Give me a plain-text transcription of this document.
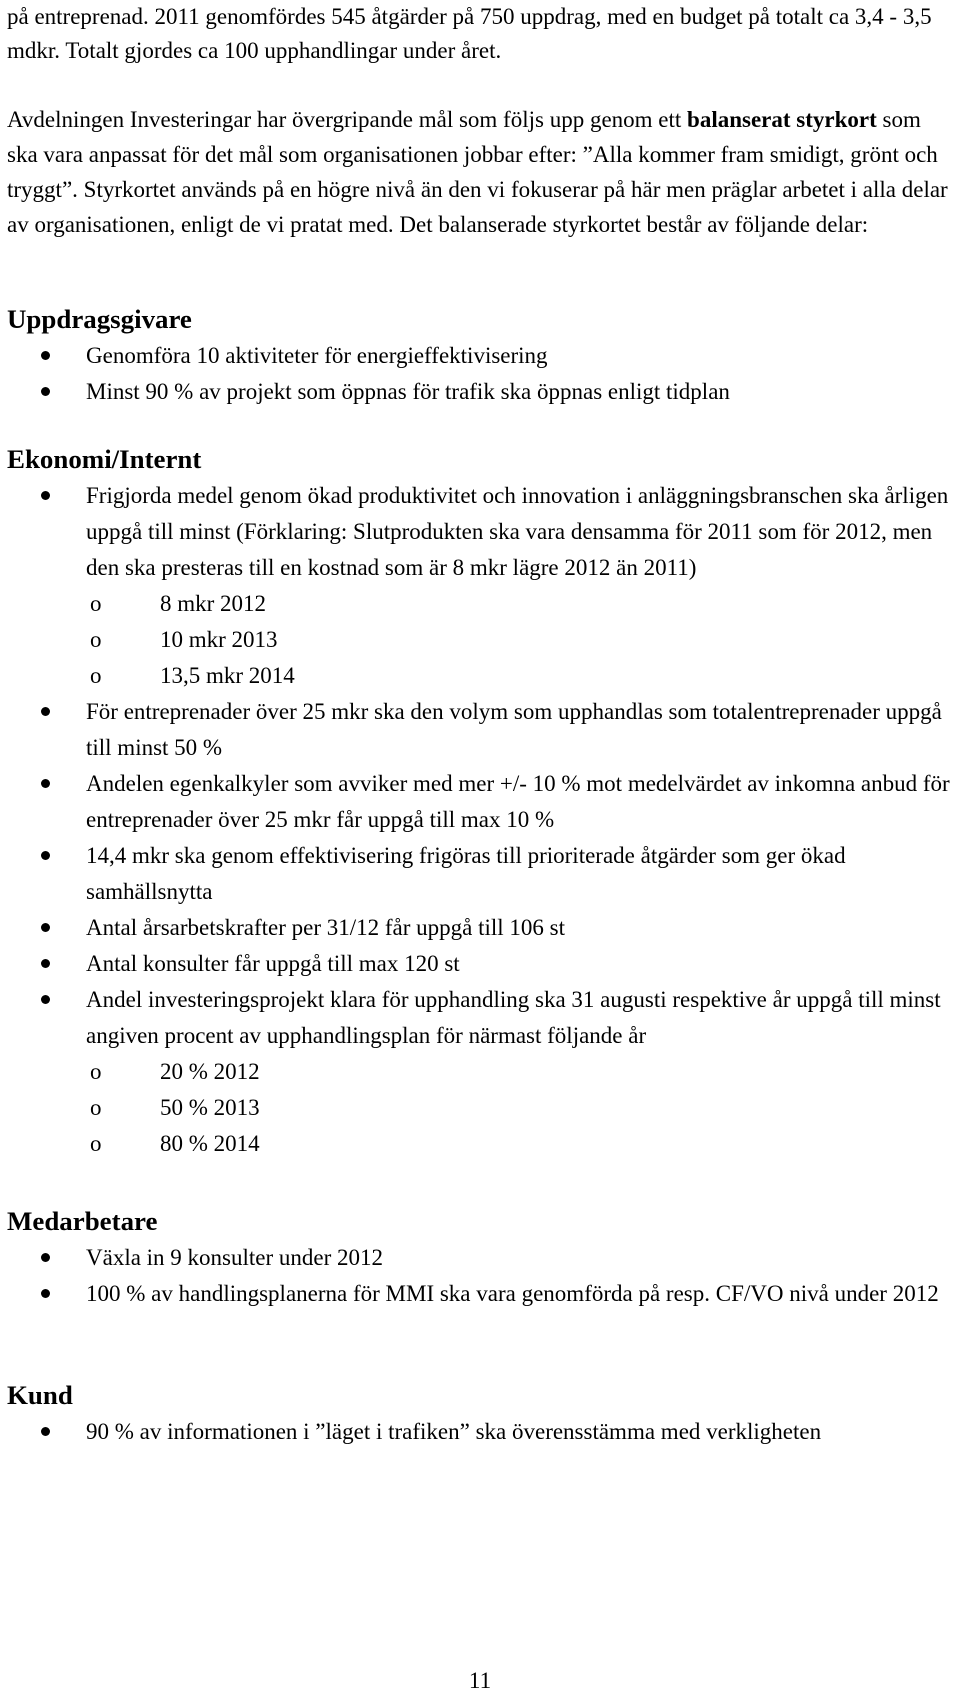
på entreprenad. 2011 genomfördes 545 åtgärder på 750 uppdrag, med en budget på totalt ca 3,4 - 3,5 mdkr. Totalt gjordes ca 100 upphandlingar under året.

Avdelningen Investeringar har övergripande mål som följs upp genom ett balanserat styrkort som ska vara anpassat för det mål som organisationen jobbar efter: ”Alla kommer fram smidigt, grönt och tryggt”. Styrkortet används på en högre nivå än den vi fokuserar på här men präglar arbetet i alla delar av organisationen, enligt de vi pratat med. Det balanserade styrkortet består av följande delar:

Uppdragsgivare
Genomföra 10 aktiviteter för energieffektivisering
Minst 90 % av projekt som öppnas för trafik ska öppnas enligt tidplan
Ekonomi/Internt
Frigjorda medel genom ökad produktivitet och innovation i anläggningsbranschen ska årligen uppgå till minst (Förklaring: Slutprodukten ska vara densamma för 2011 som för 2012, men den ska presteras till en kostnad som är 8 mkr lägre 2012 än 2011)
o	8 mkr 2012
o	10 mkr 2013
o	13,5 mkr 2014
För entreprenader över 25 mkr ska den volym som upphandlas som totalentreprenader uppgå till minst 50 %
Andelen egenkalkyler som avviker med mer +/- 10 % mot medelvärdet av inkomna anbud för entreprenader över 25 mkr får uppgå till max 10 %
14,4 mkr ska genom effektivisering frigöras till prioriterade åtgärder som ger ökad samhällsnytta
Antal årsarbetskrafter per 31/12 får uppgå till 106 st
Antal konsulter får uppgå till max 120 st
Andel investeringsprojekt klara för upphandling ska 31 augusti respektive år uppgå till minst angiven procent av upphandlingsplan för närmast följande år
o	20 % 2012
o	50 % 2013
o	80 % 2014
Medarbetare
Växla in 9 konsulter under 2012
100 % av handlingsplanerna för MMI ska vara genomförda på resp. CF/VO nivå under 2012
Kund
90 % av informationen i ”läget i trafiken” ska överensstämma med verkligheten

11
